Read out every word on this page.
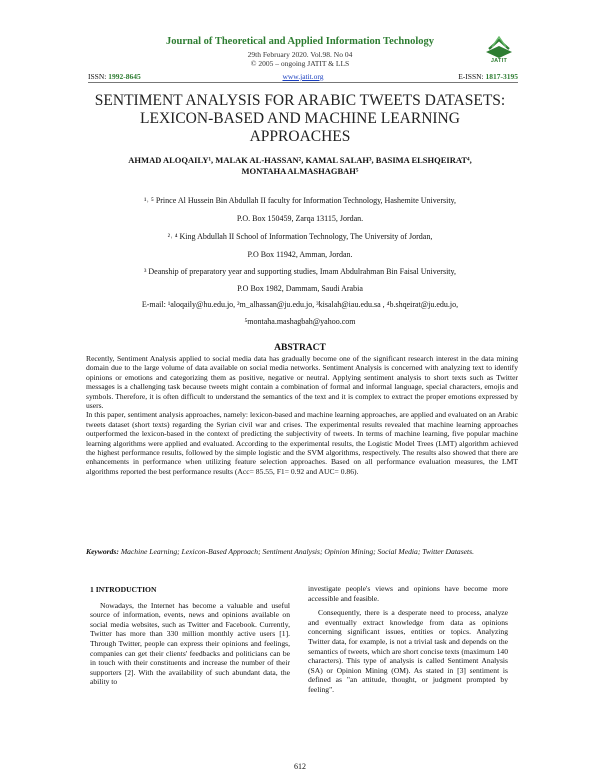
Journal of Theoretical and Applied Information Technology
29th February 2020. Vol.98. No 04
© 2005 – ongoing JATIT & LLS	JATIT
ISSN: 1992-8645	www.jatit.org	E-ISSN: 1817-3195
SENTIMENT ANALYSIS FOR ARABIC TWEETS DATASETS:
LEXICON-BASED AND MACHINE LEARNING
APPROACHES
AHMAD ALOQAILY¹, MALAK AL-HASSAN², KAMAL SALAH³, BASIMA ELSHQEIRAT⁴,
MONTAHA ALMASHAGBAH⁵
¹˒ ⁵ Prince Al Hussein Bin Abdullah II faculty for Information Technology, Hashemite University,
P.O. Box 150459, Zarqa 13115, Jordan.
²˒ ⁴ King Abdullah II School of Information Technology, The University of Jordan,
P.O Box 11942, Amman, Jordan.
³ Deanship of preparatory year and supporting studies, Imam Abdulrahman Bin Faisal University,
P.O Box 1982, Dammam, Saudi Arabia
E-mail: ¹aloqaily@hu.edu.jo, ²m_alhassan@ju.edu.jo, ³kisalah@iau.edu.sa , ⁴b.shqeirat@ju.edu.jo,
⁵montaha.mashagbah@yahoo.com
ABSTRACT

Recently, Sentiment Analysis applied to social media data has gradually become one of the significant research interest in the data mining domain due to the large volume of data available on social media networks. Sentiment Analysis is concerned with analyzing text to identify opinions or emotions and categorizing them as positive, negative or neutral. Applying sentiment analysis to short texts such as Twitter messages is a challenging task because tweets might contain a combination of formal and informal language, special characters, emojis and symbols. Therefore, it is often difficult to understand the semantics of the text and it is complex to extract the proper emotions expressed by users.

In this paper, sentiment analysis approaches, namely: lexicon-based and machine learning approaches, are applied and evaluated on an Arabic tweets dataset (short texts) regarding the Syrian civil war and crises. The experimental results revealed that machine learning approaches outperformed the lexicon-based in the context of predicting the subjectivity of tweets. In terms of machine learning, five popular machine learning algorithms were applied and evaluated. According to the experimental results, the Logistic Model Trees (LMT) algorithm achieved the highest performance results, followed by the simple logistic and the SVM algorithms, respectively. The results also showed that there are enhancements in performance when utilizing feature selection approaches. Based on all performance evaluation measures, the LMT algorithms reported the best performance results (Acc= 85.55, F1= 0.92 and AUC= 0.86).

Keywords: Machine Learning; Lexicon-Based Approach; Sentiment Analysis; Opinion Mining; Social Media; Twitter Datasets.

1 INTRODUCTION

Nowadays, the Internet has become a valuable and useful source of information, events, news and opinions available on social media websites, such as Twitter and Facebook. Currently, Twitter has more than 330 million monthly active users [1]. Through Twitter, people can express their opinions and feelings, companies can get their clients' feedbacks and politicians can be in touch with their constituents and increase the number of their supporters [2]. With the availability of such abundant data, the ability to

investigate people's views and opinions have become more accessible and feasible.

Consequently, there is a desperate need to process, analyze and eventually extract knowledge from data as opinions concerning significant issues, entities or topics. Analyzing Twitter data, for example, is not a trivial task and depends on the semantics of tweets, which are short concise texts (maximum 140 characters). This type of analysis is called Sentiment Analysis (SA) or Opinion Mining (OM). As stated in [3] sentiment is defined as "an attitude, thought, or judgment prompted by feeling".

612
